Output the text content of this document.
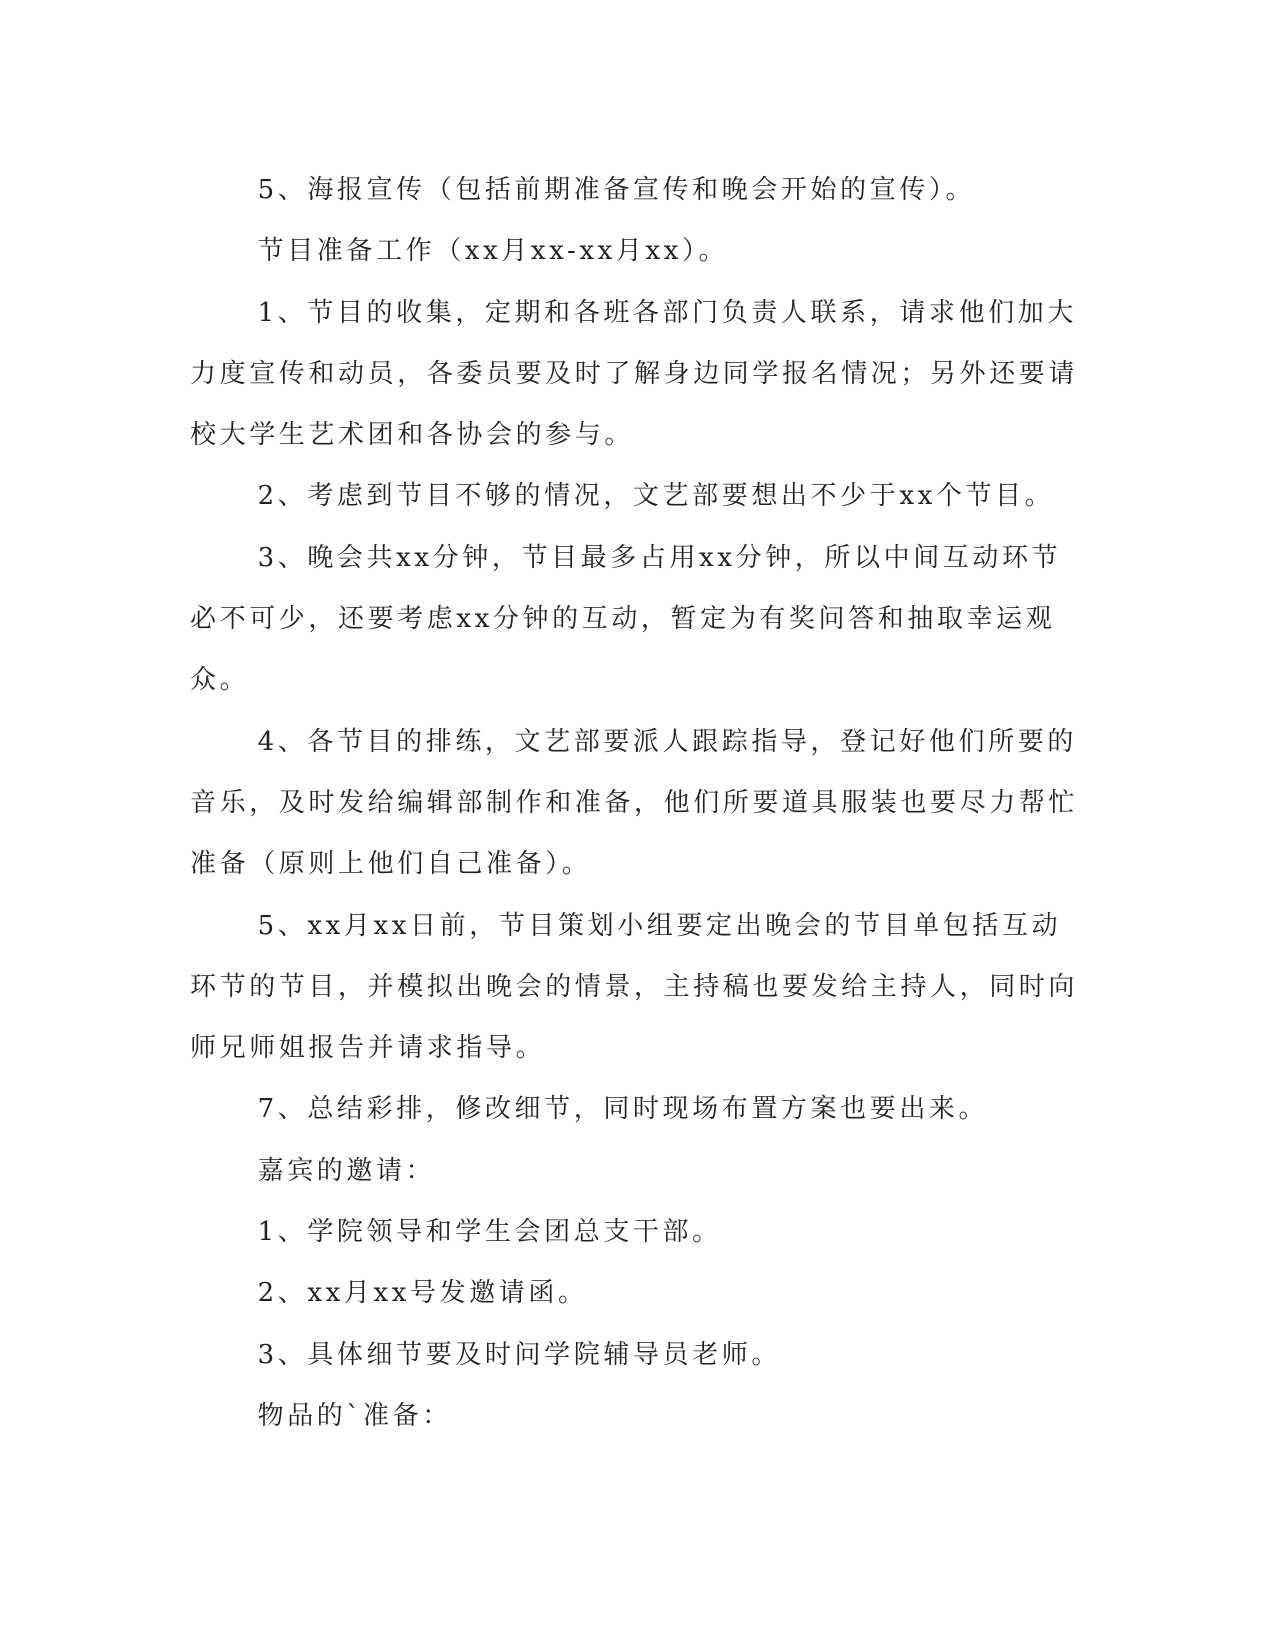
5、海报宣传（包括前期准备宣传和晚会开始的宣传）。

节目准备工作（xx月xx-xx月xx）。

1、节目的收集，定期和各班各部门负责人联系，请求他们加大力度宣传和动员，各委员要及时了解身边同学报名情况；另外还要请校大学生艺术团和各协会的参与。

2、考虑到节目不够的情况，文艺部要想出不少于xx个节目。

3、晚会共xx分钟，节目最多占用xx分钟，所以中间互动环节必不可少，还要考虑xx分钟的互动，暂定为有奖问答和抽取幸运观众。

4、各节目的排练，文艺部要派人跟踪指导，登记好他们所要的音乐，及时发给编辑部制作和准备，他们所要道具服装也要尽力帮忙准备（原则上他们自己准备）。

5、xx月xx日前，节目策划小组要定出晚会的节目单包括互动环节的节目，并模拟出晚会的情景，主持稿也要发给主持人，同时向师兄师姐报告并请求指导。

7、总结彩排，修改细节，同时现场布置方案也要出来。

嘉宾的邀请：

1、学院领导和学生会团总支干部。

2、xx月xx号发邀请函。

3、具体细节要及时问学院辅导员老师。

物品的`准备：
